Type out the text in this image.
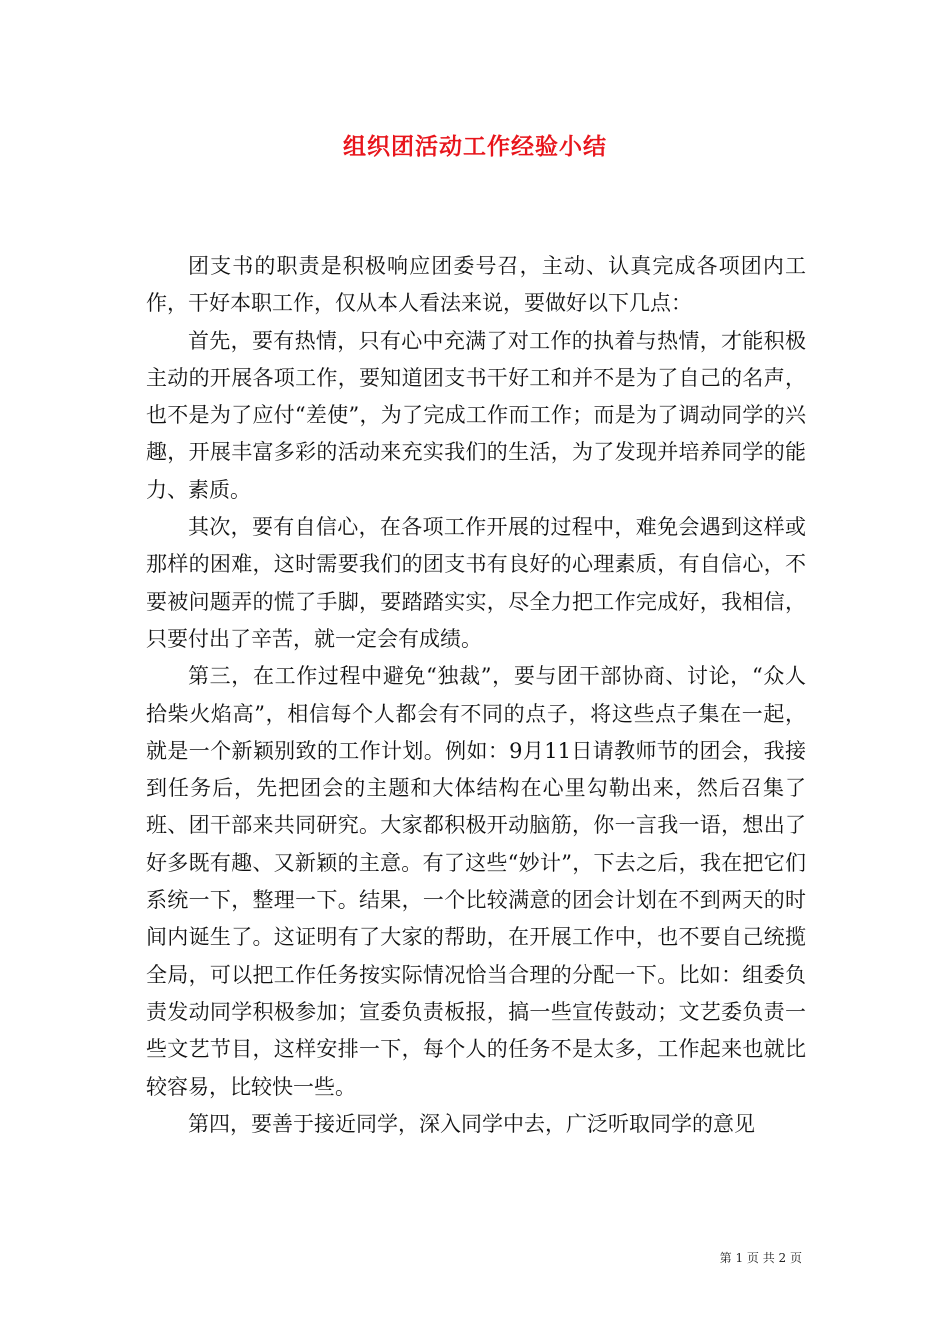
组织团活动工作经验小结

团支书的职责是积极响应团委号召，主动、认真完成各项团内工作，干好本职工作，仅从本人看法来说，要做好以下几点：

首先，要有热情，只有心中充满了对工作的执着与热情，才能积极主动的开展各项工作，要知道团支书干好工和并不是为了自己的名声，也不是为了应付“差使”，为了完成工作而工作；而是为了调动同学的兴趣，开展丰富多彩的活动来充实我们的生活，为了发现并培养同学的能力、素质。

其次，要有自信心，在各项工作开展的过程中，难免会遇到这样或那样的困难，这时需要我们的团支书有良好的心理素质，有自信心，不要被问题弄的慌了手脚，要踏踏实实，尽全力把工作完成好，我相信，只要付出了辛苦，就一定会有成绩。

第三，在工作过程中避免“独裁”，要与团干部协商、讨论，“众人拾柴火焰高”，相信每个人都会有不同的点子，将这些点子集在一起，就是一个新颖别致的工作计划。例如：9月11日请教师节的团会，我接到任务后，先把团会的主题和大体结构在心里勾勒出来，然后召集了班、团干部来共同研究。大家都积极开动脑筋，你一言我一语，想出了好多既有趣、又新颖的主意。有了这些“妙计”，下去之后，我在把它们系统一下，整理一下。结果，一个比较满意的团会计划在不到两天的时间内诞生了。这证明有了大家的帮助，在开展工作中，也不要自己统揽全局，可以把工作任务按实际情况恰当合理的分配一下。比如：组委负责发动同学积极参加；宣委负责板报，搞一些宣传鼓动；文艺委负责一些文艺节目，这样安排一下，每个人的任务不是太多，工作起来也就比较容易，比较快一些。

第四，要善于接近同学，深入同学中去，广泛听取同学的意见

第 1 页 共 2 页
